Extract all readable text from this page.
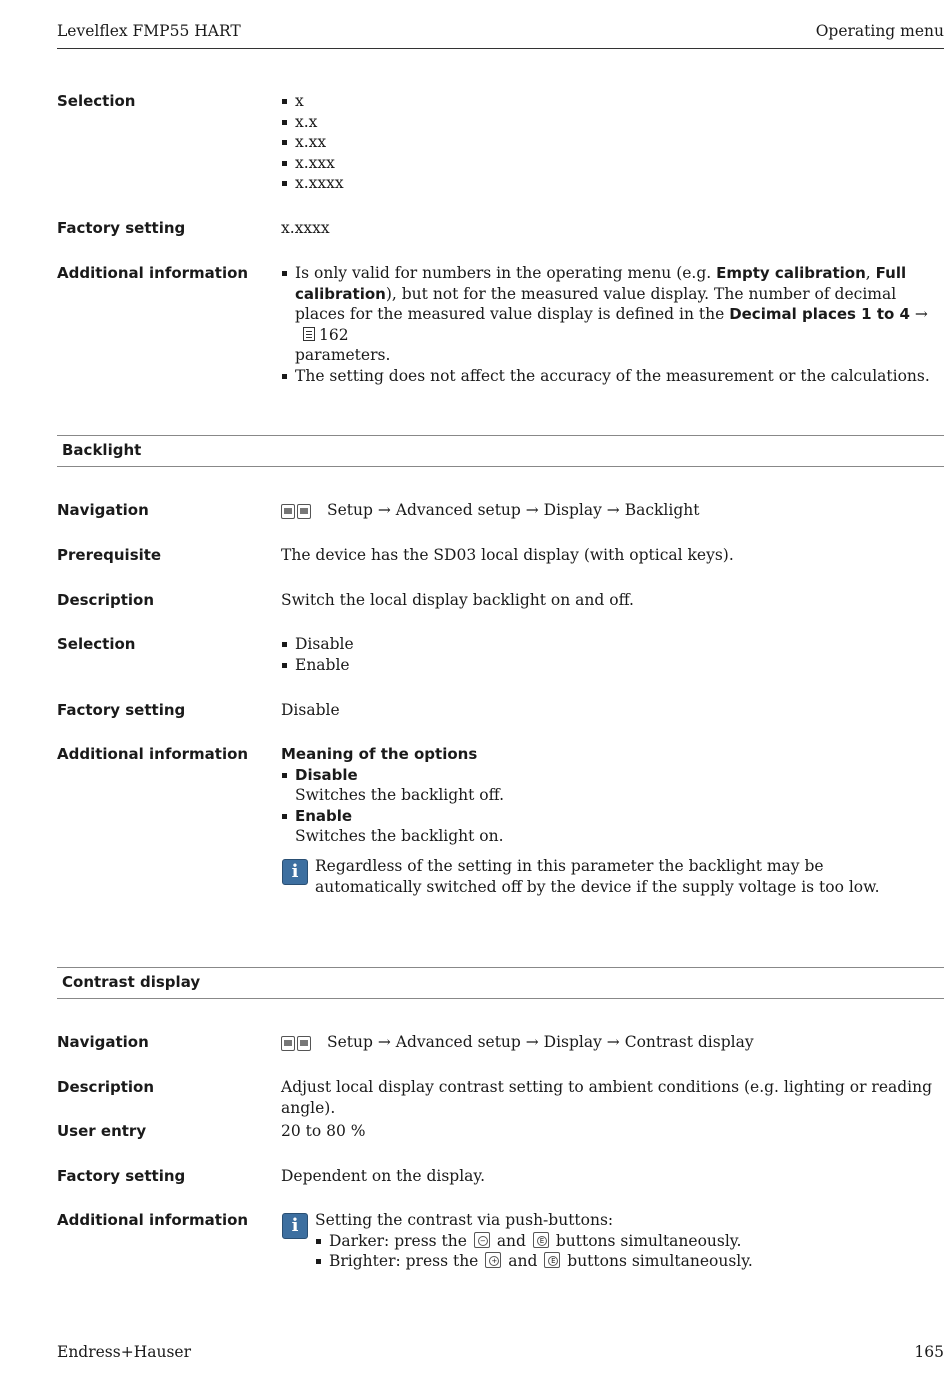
Levelflex FMP55 HART	Operating menu
Selection	x
x.x
x.xx
x.xxx
x.xxxx
Factory setting	x.xxxx
Additional information	Is only valid for numbers in the operating menu (e.g. Empty calibration, Full calibration), but not for the measured value display. The number of decimal places for the measured value display is defined in the Decimal places 1 to 4 →162
parameters.
The setting does not affect the accuracy of the measurement or the calculations.
Backlight
Navigation	Setup → Advanced setup → Display → Backlight
Prerequisite	The device has the SD03 local display (with optical keys).
Description	Switch the local display backlight on and off.
Selection	Disable
Enable
Factory setting	Disable
Additional information Meaning of the options
Disable
Switches the backlight off.
Enable
Switches the backlight on.
i	Regardless of the setting in this parameter the backlight may be automatically switched off by the device if the supply voltage is too low.
Contrast display
Navigation	Setup → Advanced setup → Display → Contrast display
Description	Adjust local display contrast setting to ambient conditions (e.g. lighting or reading angle).
User entry	20 to 80 %
Factory setting	Dependent on the display.
Additional information	i	Setting the contrast via push-buttons:
Darker: press the − and	E buttons simultaneously.
Brighter: press the + and	E buttons simultaneously.
Endress+Hauser	165
